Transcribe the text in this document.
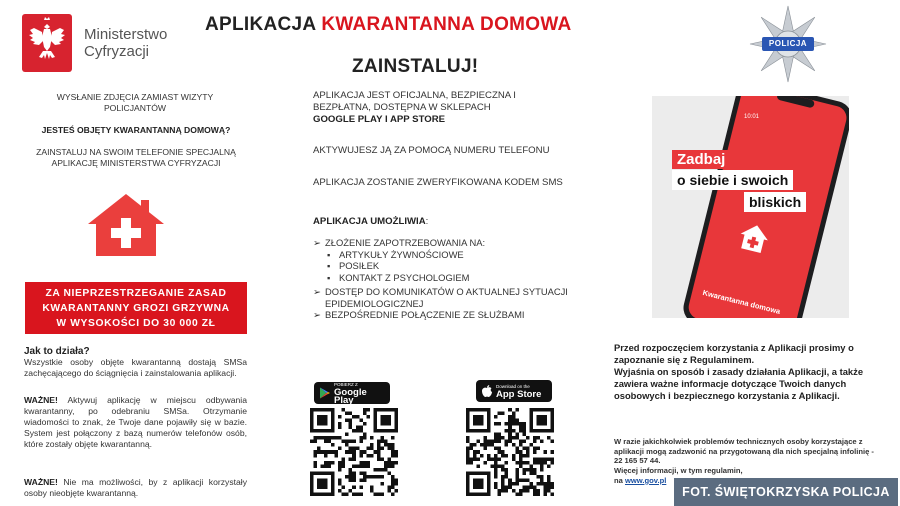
Ministerstwo
Cyfryzacji
APLIKACJA KWARANTANNA DOMOWA
ZAINSTALUJ!
POLICJA
WYSŁANIE ZDJĘCIA ZAMIAST WIZYTY POLICJANTÓW
JESTEŚ OBJĘTY KWARANTANNĄ DOMOWĄ?
ZAINSTALUJ NA SWOIM TELEFONIE SPECJALNĄ APLIKACJĘ MINISTERSTWA CYFRYZACJI
ZA NIEPRZESTRZEGANIE ZASAD
KWARANTANNY GROZI GRZYWNA
W WYSOKOŚCI DO 30 000 ZŁ
Jak to działa?
Wszystkie osoby objęte kwarantanną dostają SMSa zachęcającego do ściągnięcia i zainstalowania aplikacji.
WAŻNE! Aktywuj aplikację w miejscu odbywania kwarantanny, po odebraniu SMSa. Otrzymanie wiadomości to znak, że Twoje dane pojawiły się w bazie. System jest połączony z bazą numerów telefonów osób, które zostały objęte kwarantanną.
WAŻNE! Nie ma możliwości, by z aplikacji korzystały osoby nieobjęte kwarantanną.
APLIKACJA JEST OFICJALNA, BEZPIECZNA I BEZPŁATNA, DOSTĘPNA W SKLEPACH
GOOGLE PLAY I APP STORE
AKTYWUJESZ JĄ ZA POMOCĄ NUMERU TELEFONU
APLIKACJA ZOSTANIE ZWERYFIKOWANA KODEM SMS
APLIKACJA UMOŻLIWIA:
➢ ZŁOŻENIE ZAPOTRZEBOWANIA NA:
▪ ARTYKUŁY ŻYWNOŚCIOWE
▪ POSIŁEK
▪ KONTAKT Z PSYCHOLOGIEM
➢ DOSTĘP DO KOMUNIKATÓW O AKTUALNEJ SYTUACJI EPIDEMIOLOGICZNEJ
➢ BEZPOŚREDNIE POŁĄCZENIE ZE SŁUŻBAMI
POBIERZ Z
Google Play
Download on the
App Store
10:01
Zadbaj
o siebie i swoich
bliskich
Kwarantanna domowa
Przed rozpoczęciem korzystania z Aplikacji prosimy o zapoznanie się z Regulaminem.
Wyjaśnia on sposób i zasady działania Aplikacji, a także zawiera ważne informacje dotyczące Twoich danych osobowych i bezpiecznego korzystania z Aplikacji.
W razie jakichkolwiek problemów technicznych osoby korzystające z aplikacji mogą zadzwonić na przygotowaną dla nich specjalną infolinię - 22 165 57 44.
Więcej informacji, w tym regulamin,
na www.gov.pl
FOT. ŚWIĘTOKRZYSKA POLICJA
